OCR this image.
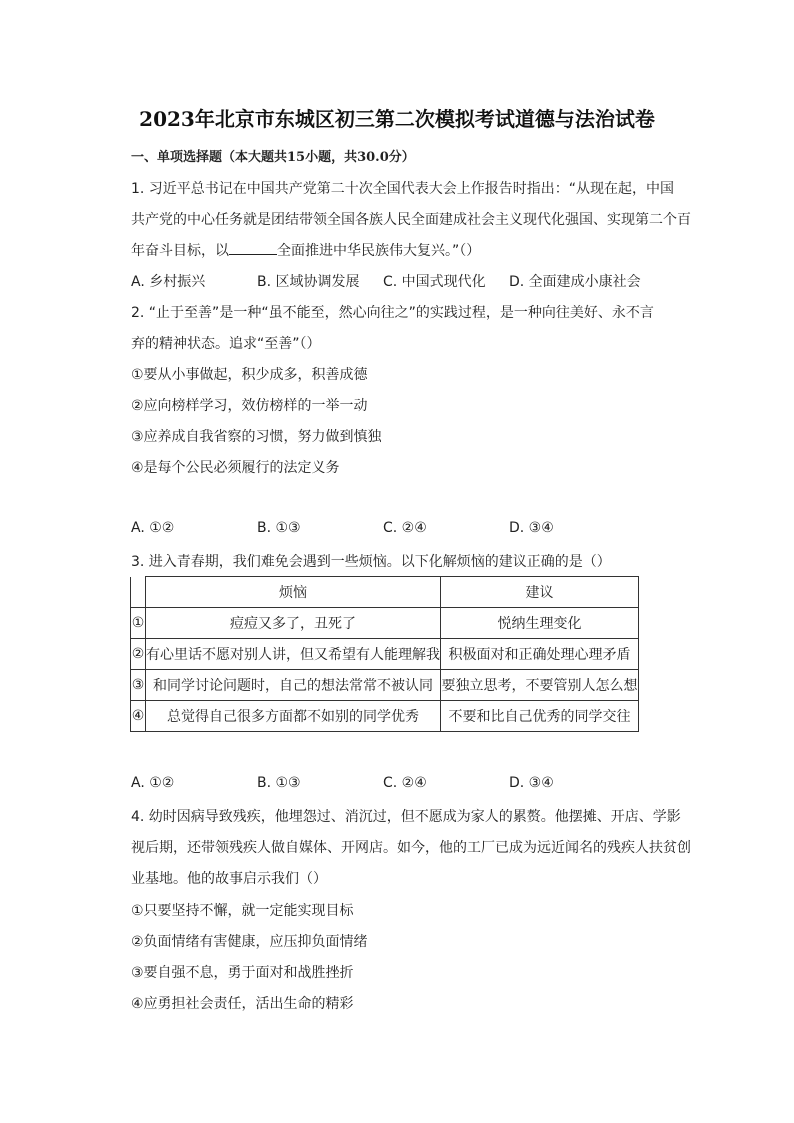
2023年北京市东城区初三第二次模拟考试道德与法治试卷
一、单项选择题（本大题共15小题，共30.0分）
1. 习近平总书记在中国共产党第二十次全国代表大会上作报告时指出：“从现在起，中国
共产党的中心任务就是团结带领全国各族人民全面建成社会主义现代化强国、实现第二个百
年奋斗目标，以	全面推进中华民族伟大复兴。”（）
A. 乡村振兴	B. 区域协调发展 C. 中国式现代化 D. 全面建成小康社会
2. “止于至善”是一种“虽不能至，然心向往之”的实践过程，是一种向往美好、永不言
弃的精神状态。追求“至善”（）
①要从小事做起，积少成多，积善成德
②应向榜样学习，效仿榜样的一举一动
③应养成自我省察的习惯，努力做到慎独
④是每个公民必须履行的法定义务
A. ①②	B. ①③	C. ②④	D. ③④
3. 进入青春期，我们难免会遇到一些烦恼。以下化解烦恼的建议正确的是（）
	烦恼	建议
①	痘痘又多了，丑死了	悦纳生理变化
②	有心里话不愿对别人讲，但又希望有人能理解我	积极面对和正确处理心理矛盾
③	和同学讨论问题时，自己的想法常常不被认同	要独立思考，不要管别人怎么想
④	总觉得自己很多方面都不如别的同学优秀	不要和比自己优秀的同学交往
A. ①②	B. ①③	C. ②④	D. ③④
4. 幼时因病导致残疾，他埋怨过、消沉过，但不愿成为家人的累赘。他摆摊、开店、学影
视后期，还带领残疾人做自媒体、开网店。如今，他的工厂已成为远近闻名的残疾人扶贫创
业基地。他的故事启示我们（）
①只要坚持不懈，就一定能实现目标
②负面情绪有害健康，应压抑负面情绪
③要自强不息，勇于面对和战胜挫折
④应勇担社会责任，活出生命的精彩
